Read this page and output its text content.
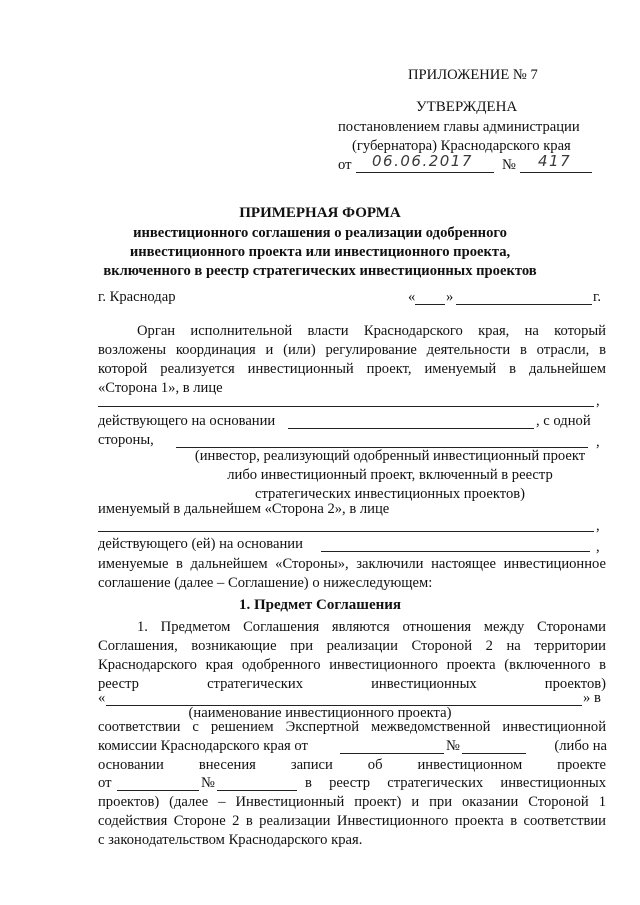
ПРИЛОЖЕНИЕ № 7
УТВЕРЖДЕНА
постановлением главы администрации
(губернатора) Краснодарского края
от 06.06.2017 № 417
ПРИМЕРНАЯ ФОРМА
инвестиционного соглашения о реализации одобренного
инвестиционного проекта или инвестиционного проекта,
включенного в реестр стратегических инвестиционных проектов
г. Краснодар	« »	г.
Орган исполнительной власти Краснодарского края, на который
возложены координация и (или) регулирование деятельности в отрасли, в
которой реализуется инвестиционный проект, именуемый в дальнейшем
«Сторона 1», в лице
,
действующего на основании	, с одной
стороны,	,
(инвестор, реализующий одобренный инвестиционный проект
либо инвестиционный проект, включенный в реестр
стратегических инвестиционных проектов)
именуемый в дальнейшем «Сторона 2», в лице
,
действующего (ей) на основании	,
именуемые в дальнейшем «Стороны», заключили настоящее инвестиционное
соглашение (далее – Соглашение) о нижеследующем:
1. Предмет Соглашения
1. Предметом Соглашения являются отношения между Сторонами
Соглашения, возникающие при реализации Стороной 2 на территории
Краснодарского края одобренного инвестиционного проекта (включенного в
реестр стратегических инвестиционных проектов)
«	» в
(наименование инвестиционного проекта)
соответствии с решением Экспертной межведомственной инвестиционной
комиссии Краснодарского края от	№	(либо на
основании внесения записи об инвестиционном проекте
от	№	в реестр стратегических инвестиционных
проектов) (далее – Инвестиционный проект) и при оказании Стороной 1
содействия Стороне 2 в реализации Инвестиционного проекта в соответствии
с законодательством Краснодарского края.
